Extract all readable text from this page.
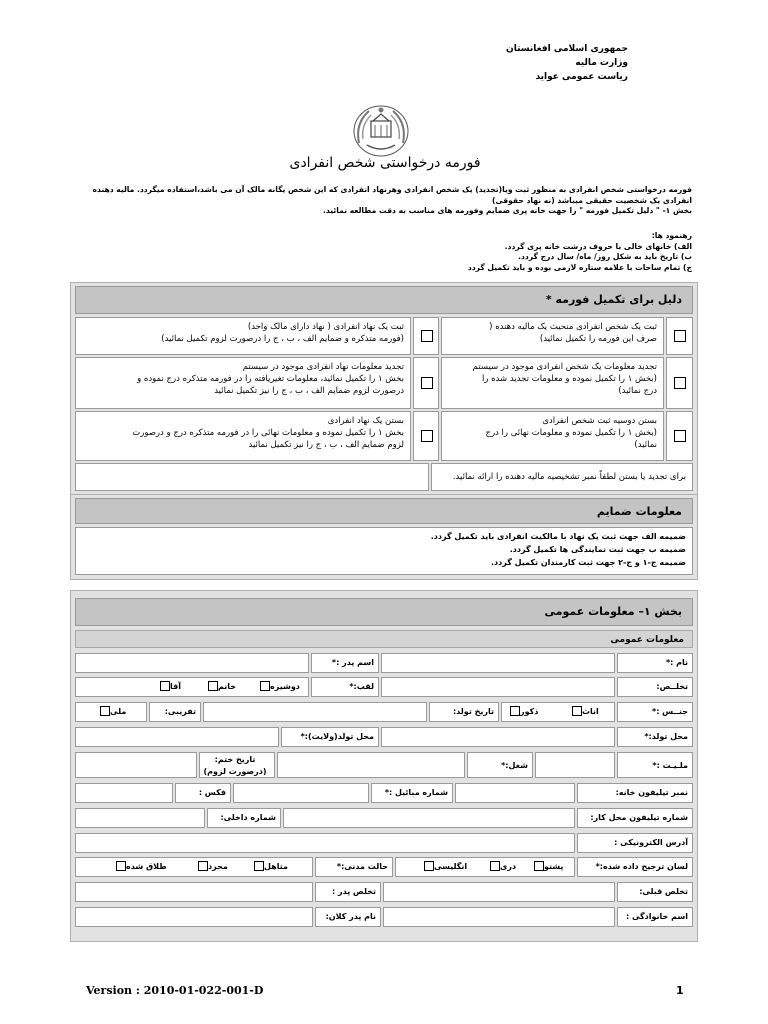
جمهوری اسلامی افغانستان
وزارت مالیه
ریاست عمومی عواید
فورمه درخواستی شخص انفرادی

فورمه درخواستی شخص انفرادی به منظور ثبت ویا(تجدید) یک شخص انفرادی وهرنهاد انفرادی که این شخص یگانه مالک آن می باشد،استفاده میگردد. مالیه دهنده انفرادی یک شخصیت حقیقی میباشد (نه نهاد حقوقی)

بخش ۱- " دلیل تکمیل فورمه " را جهت خانه پری ضمایم وفورمه های مناسب به دقت مطالعه نمائید.

رهنمود ها:

الف) خانهای خالی با حروف درشت خانه پری گردد.

ب) تاریخ باید به شکل روز/ ماه/ سال درج گردد.

ج) تمام ساحات با علامه ستاره لازمی بوده و باید تکمیل گردد

دلیل برای تکمیل فورمه *
ثبت یک شخص انفرادی منحیث یک مالیه دهنده (
صرف این فورمه را تکمیل نمائید)
ثبت یک نهاد انفرادی ( نهاد دارای مالک واحد)
(فورمه متذکره و ضمایم الف ، ب ، ج را درصورت لزوم تکمیل نمائید)
تجدید معلومات یک شخص انفرادی موجود در سیستم
(بخش ۱ را تکمیل نموده و معلومات تجدید شده را
درج نمائید)
تجدید معلومات نهاد انفرادی موجود در سیستم
بخش ۱ را تکمیل نمائید، معلومات تغیریافته را در فورمه متذکره درج نموده و
درصورت لزوم ضمایم الف ، ب ، ج را نیز تکمیل نمائید
بستن دوسیه ثبت شخص انفرادی
(بخش ۱ را تکمیل نموده و معلومات نهائی را درج
نمائید)
بستن یک نهاد انفرادی
بخش ۱ را تکمیل نموده و معلومات نهائی را در فورمه متذکره درج و درصورت
لزوم ضمایم الف ، ب ، ج را نیز تکمیل نمائید
برای تجدید یا بستن لطفاً نمبر تشخیصیه مالیه دهنده را ارائه نمائید.
معلومات ضمایم
ضمیمه الف جهت ثبت یک نهاد با مالکیت انفرادی باید تکمیل گردد.
ضمیمه ب جهت ثبت نمایندگی ها تکمیل گردد.
ضمیمه ج-۱ و ج-۲ جهت ثبت کارمندان تکمیل گردد.
بخش ۱– معلومات عمومی
معلومات عمومی
نام :*
اسم پدر :*
تخلــص:
لقب:*
دوشیزه
خانم
آقا
جنــس :*
اناث
ذکور
تاریخ تولد:
تفریبی:
ملی
محل تولد:*
محل تولد(ولایت):*
ملـیـت :*
شغل:*
تاریخ ختم:
(درصورت لزوم)
نمبر تیلیفون خانه:
شماره مبائیل :*
فکس :
شماره تیلیفون محل کار:
شماره داخلی:
آدرس الکترونیکی :
لسان ترجیح داده شده:*
پشتو
دری
انگلیسی
حالت مدنی:*
متاهل
مجرد
طلاق شده
تخلص قبلی:
تخلص پدر :
اسم خانوادگی :
نام پدر کلان:
Version : 2010-01-022-001-D	1
